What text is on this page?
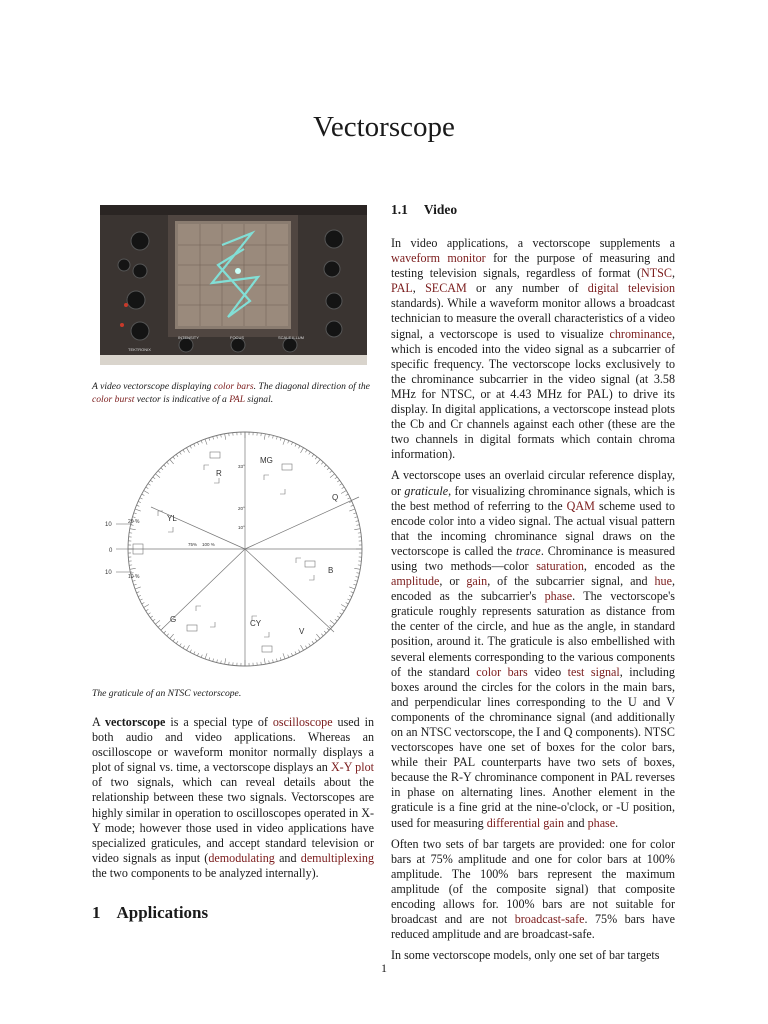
Vectorscope
INTENSITY	FOCUS	SCALE ILLUM
TEKTRONIX
A video vectorscope displaying color bars. The diagonal direction of the color burst vector is indicative of a PAL signal.
MG
R
Q
YL
B
G	CY
V
20 %
10 %
75% 100 %
33°
20°
10°
10
0
10
The graticule of an NTSC vectorscope.

A vectorscope is a special type of oscilloscope used in both audio and video applications. Whereas an oscilloscope or waveform monitor normally displays a plot of signal vs. time, a vectorscope displays an X-Y plot of two signals, which can reveal details about the relationship between these two signals. Vectorscopes are highly similar in operation to oscilloscopes operated in X-Y mode; however those used in video applications have specialized graticules, and accept standard television or video signals as input (demodulating and demultiplexing the two components to be analyzed internally).

1 Applications
1.1 Video

In video applications, a vectorscope supplements a waveform monitor for the purpose of measuring and testing television signals, regardless of format (NTSC, PAL, SECAM or any number of digital television standards). While a waveform monitor allows a broadcast technician to measure the overall characteristics of a video signal, a vectorscope is used to visualize chrominance, which is encoded into the video signal as a subcarrier of specific frequency. The vectorscope locks exclusively to the chrominance subcarrier in the video signal (at 3.58 MHz for NTSC, or at 4.43 MHz for PAL) to drive its display. In digital applications, a vectorscope instead plots the Cb and Cr channels against each other (these are the two channels in digital formats which contain chroma information).

A vectorscope uses an overlaid circular reference display, or graticule, for visualizing chrominance signals, which is the best method of referring to the QAM scheme used to encode color into a video signal. The actual visual pattern that the incoming chrominance signal draws on the vectorscope is called the trace. Chrominance is measured using two methods—color saturation, encoded as the amplitude, or gain, of the subcarrier signal, and hue, encoded as the subcarrier's phase. The vectorscope's graticule roughly represents saturation as distance from the center of the circle, and hue as the angle, in standard position, around it. The graticule is also embellished with several elements corresponding to the various components of the standard color bars video test signal, including boxes around the circles for the colors in the main bars, and perpendicular lines corresponding to the U and V components of the chrominance signal (and additionally on an NTSC vectorscope, the I and Q components). NTSC vectorscopes have one set of boxes for the color bars, while their PAL counterparts have two sets of boxes, because the R-Y chrominance component in PAL reverses in phase on alternating lines. Another element in the graticule is a fine grid at the nine-o'clock, or -U position, used for measuring differential gain and phase.

Often two sets of bar targets are provided: one for color bars at 75% amplitude and one for color bars at 100% amplitude. The 100% bars represent the maximum amplitude (of the composite signal) that composite encoding allows for. 100% bars are not suitable for broadcast and are not broadcast-safe. 75% bars have reduced amplitude and are broadcast-safe.

In some vectorscope models, only one set of bar targets

1
